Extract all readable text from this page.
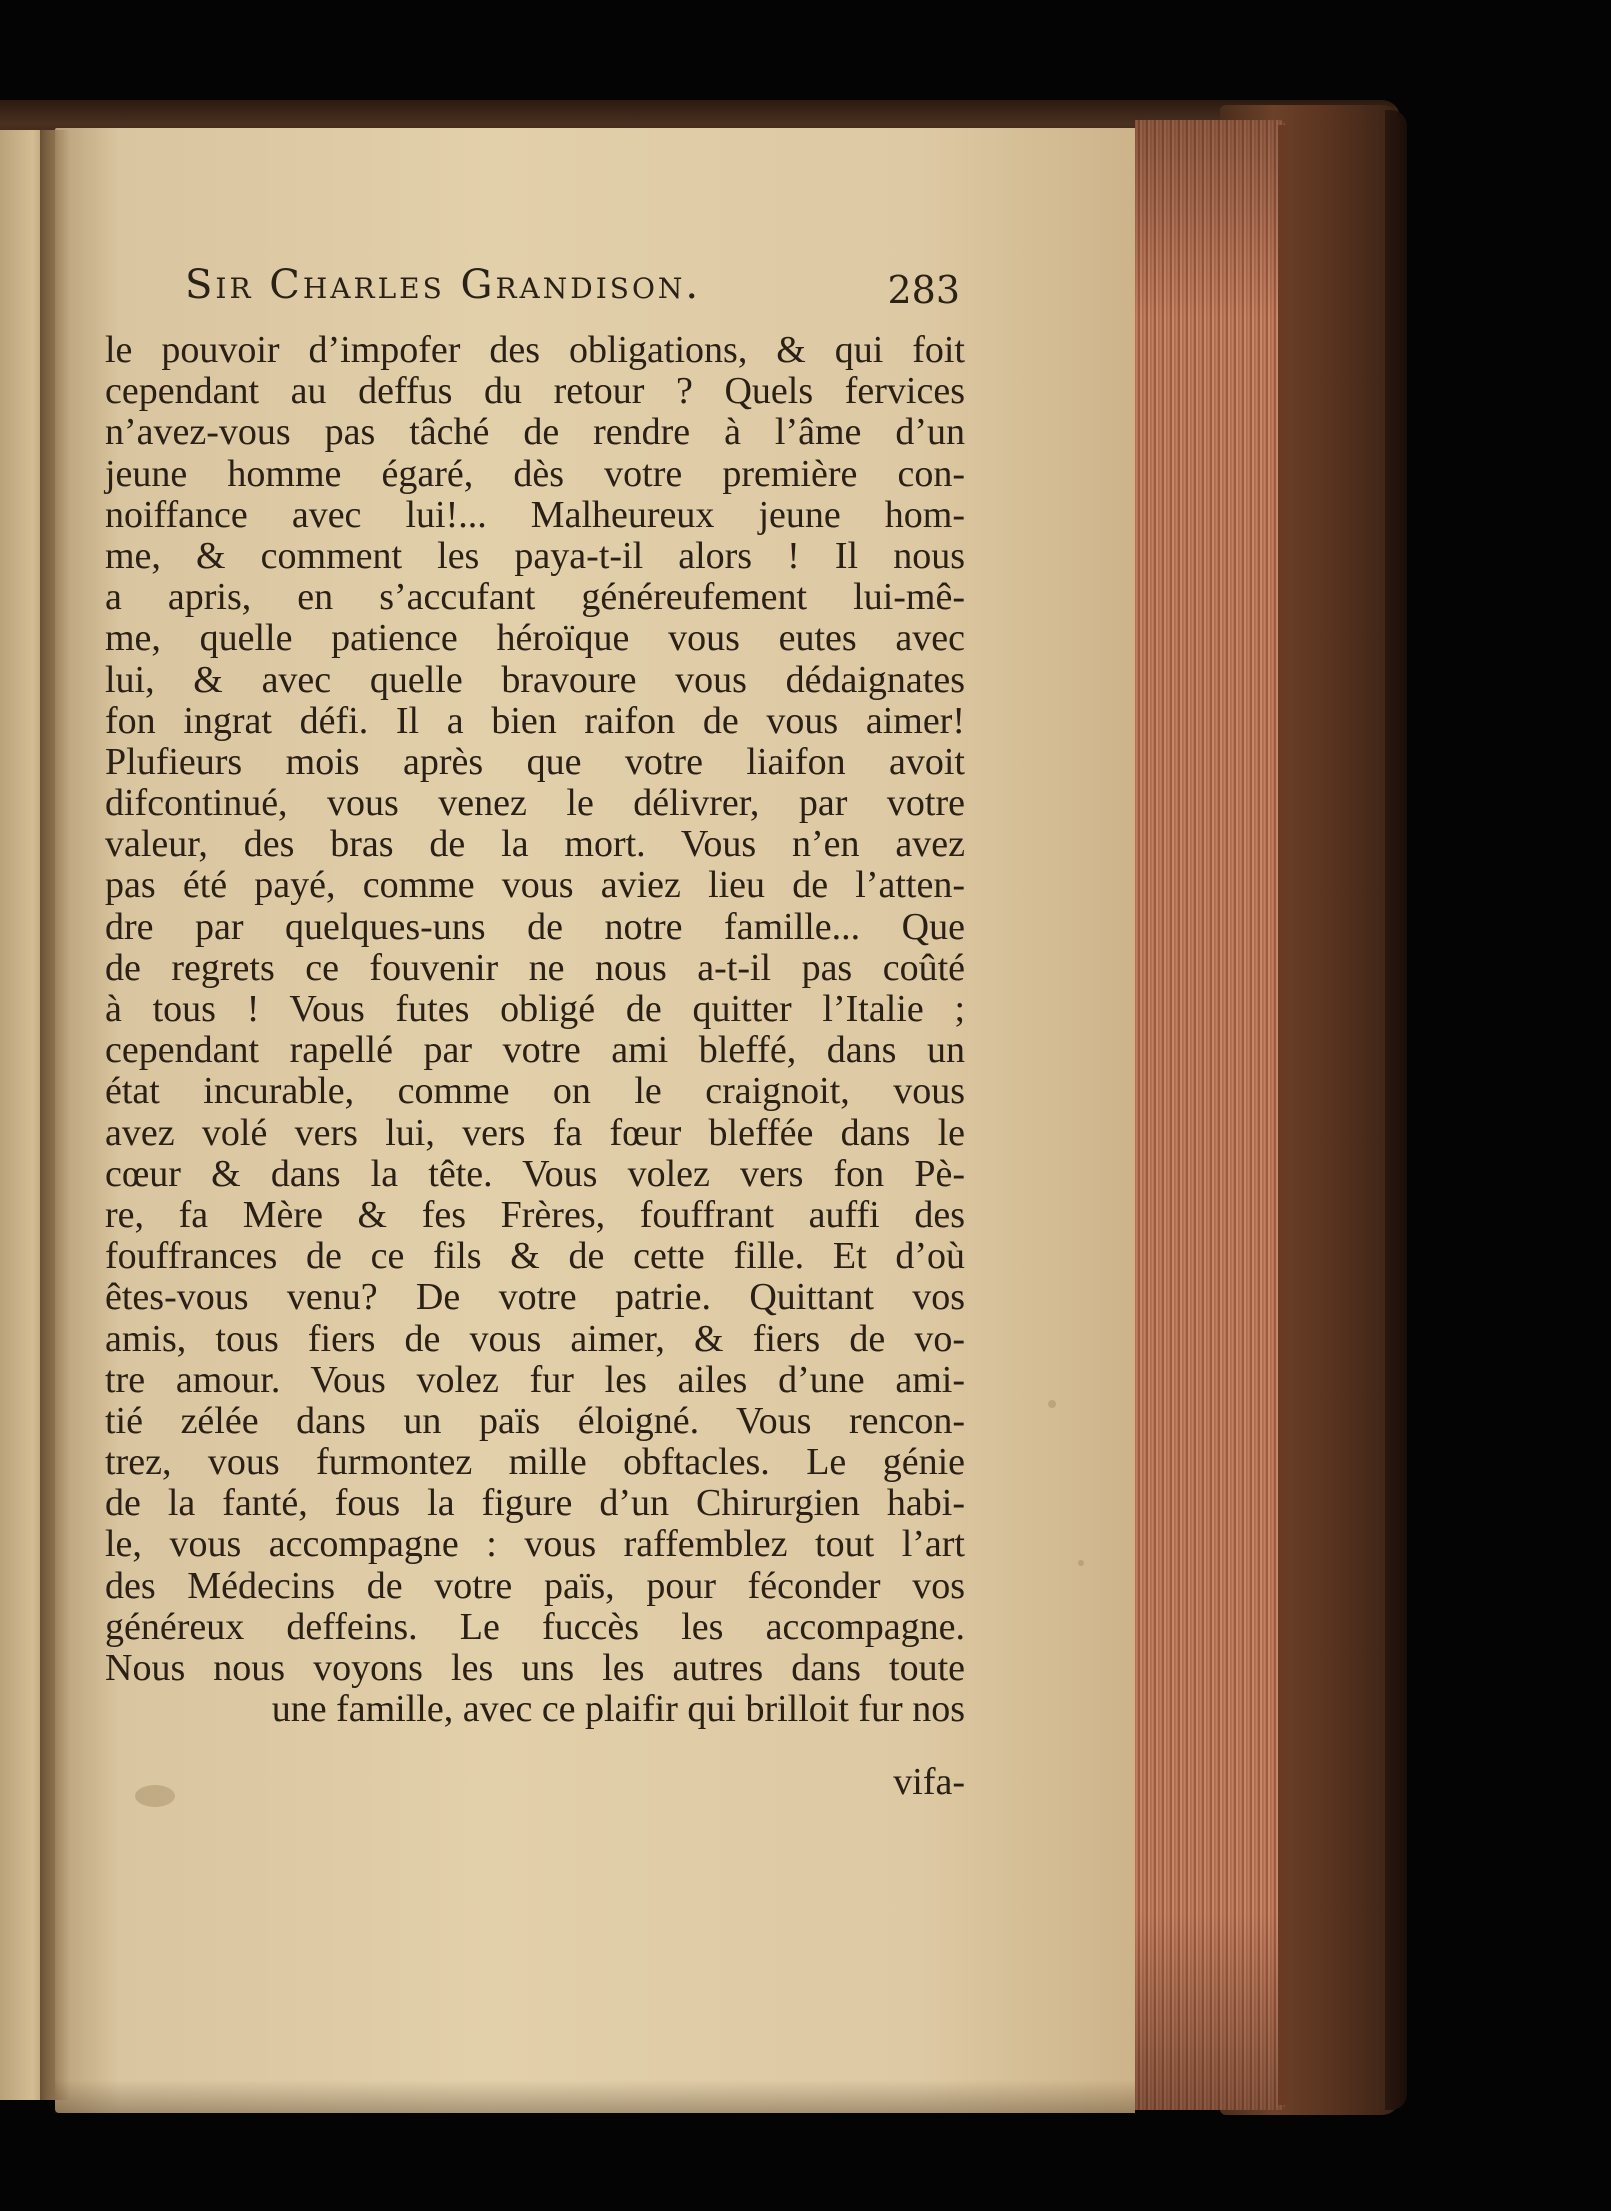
Sir Charles Grandison.	283
le pouvoir d’impofer des obligations, & qui foit
cependant au deffus du retour ? Quels fervices
n’avez-vous pas tâché de rendre à l’âme d’un
jeune homme égaré, dès votre première con-
noiffance avec lui!... Malheureux jeune hom-
me, & comment les paya-t-il alors ! Il nous
a apris, en s’accufant généreufement lui-mê-
me, quelle patience héroïque vous eutes avec
lui, & avec quelle bravoure vous dédaignates
fon ingrat défi. Il a bien raifon de vous aimer!
Plufieurs mois après que votre liaifon avoit
difcontinué, vous venez le délivrer, par votre
valeur, des bras de la mort. Vous n’en avez
pas été payé, comme vous aviez lieu de l’atten-
dre par quelques-uns de notre famille... Que
de regrets ce fouvenir ne nous a-t-il pas coûté
à tous ! Vous futes obligé de quitter l’Italie ;
cependant rapellé par votre ami bleffé, dans un
état incurable, comme on le craignoit, vous
avez volé vers lui, vers fa fœur bleffée dans le
cœur & dans la tête. Vous volez vers fon Pè-
re, fa Mère & fes Frères, fouffrant auffi des
fouffrances de ce fils & de cette fille. Et d’où
êtes-vous venu? De votre patrie. Quittant vos
amis, tous fiers de vous aimer, & fiers de vo-
tre amour. Vous volez fur les ailes d’une ami-
tié zélée dans un païs éloigné. Vous rencon-
trez, vous furmontez mille obftacles. Le génie
de la fanté, fous la figure d’un Chirurgien habi-
le, vous accompagne : vous raffemblez tout l’art
des Médecins de votre païs, pour féconder vos
généreux deffeins. Le fuccès les accompagne.
Nous nous voyons les uns les autres dans toute
une famille, avec ce plaifir qui brilloit fur nos
vifa-
